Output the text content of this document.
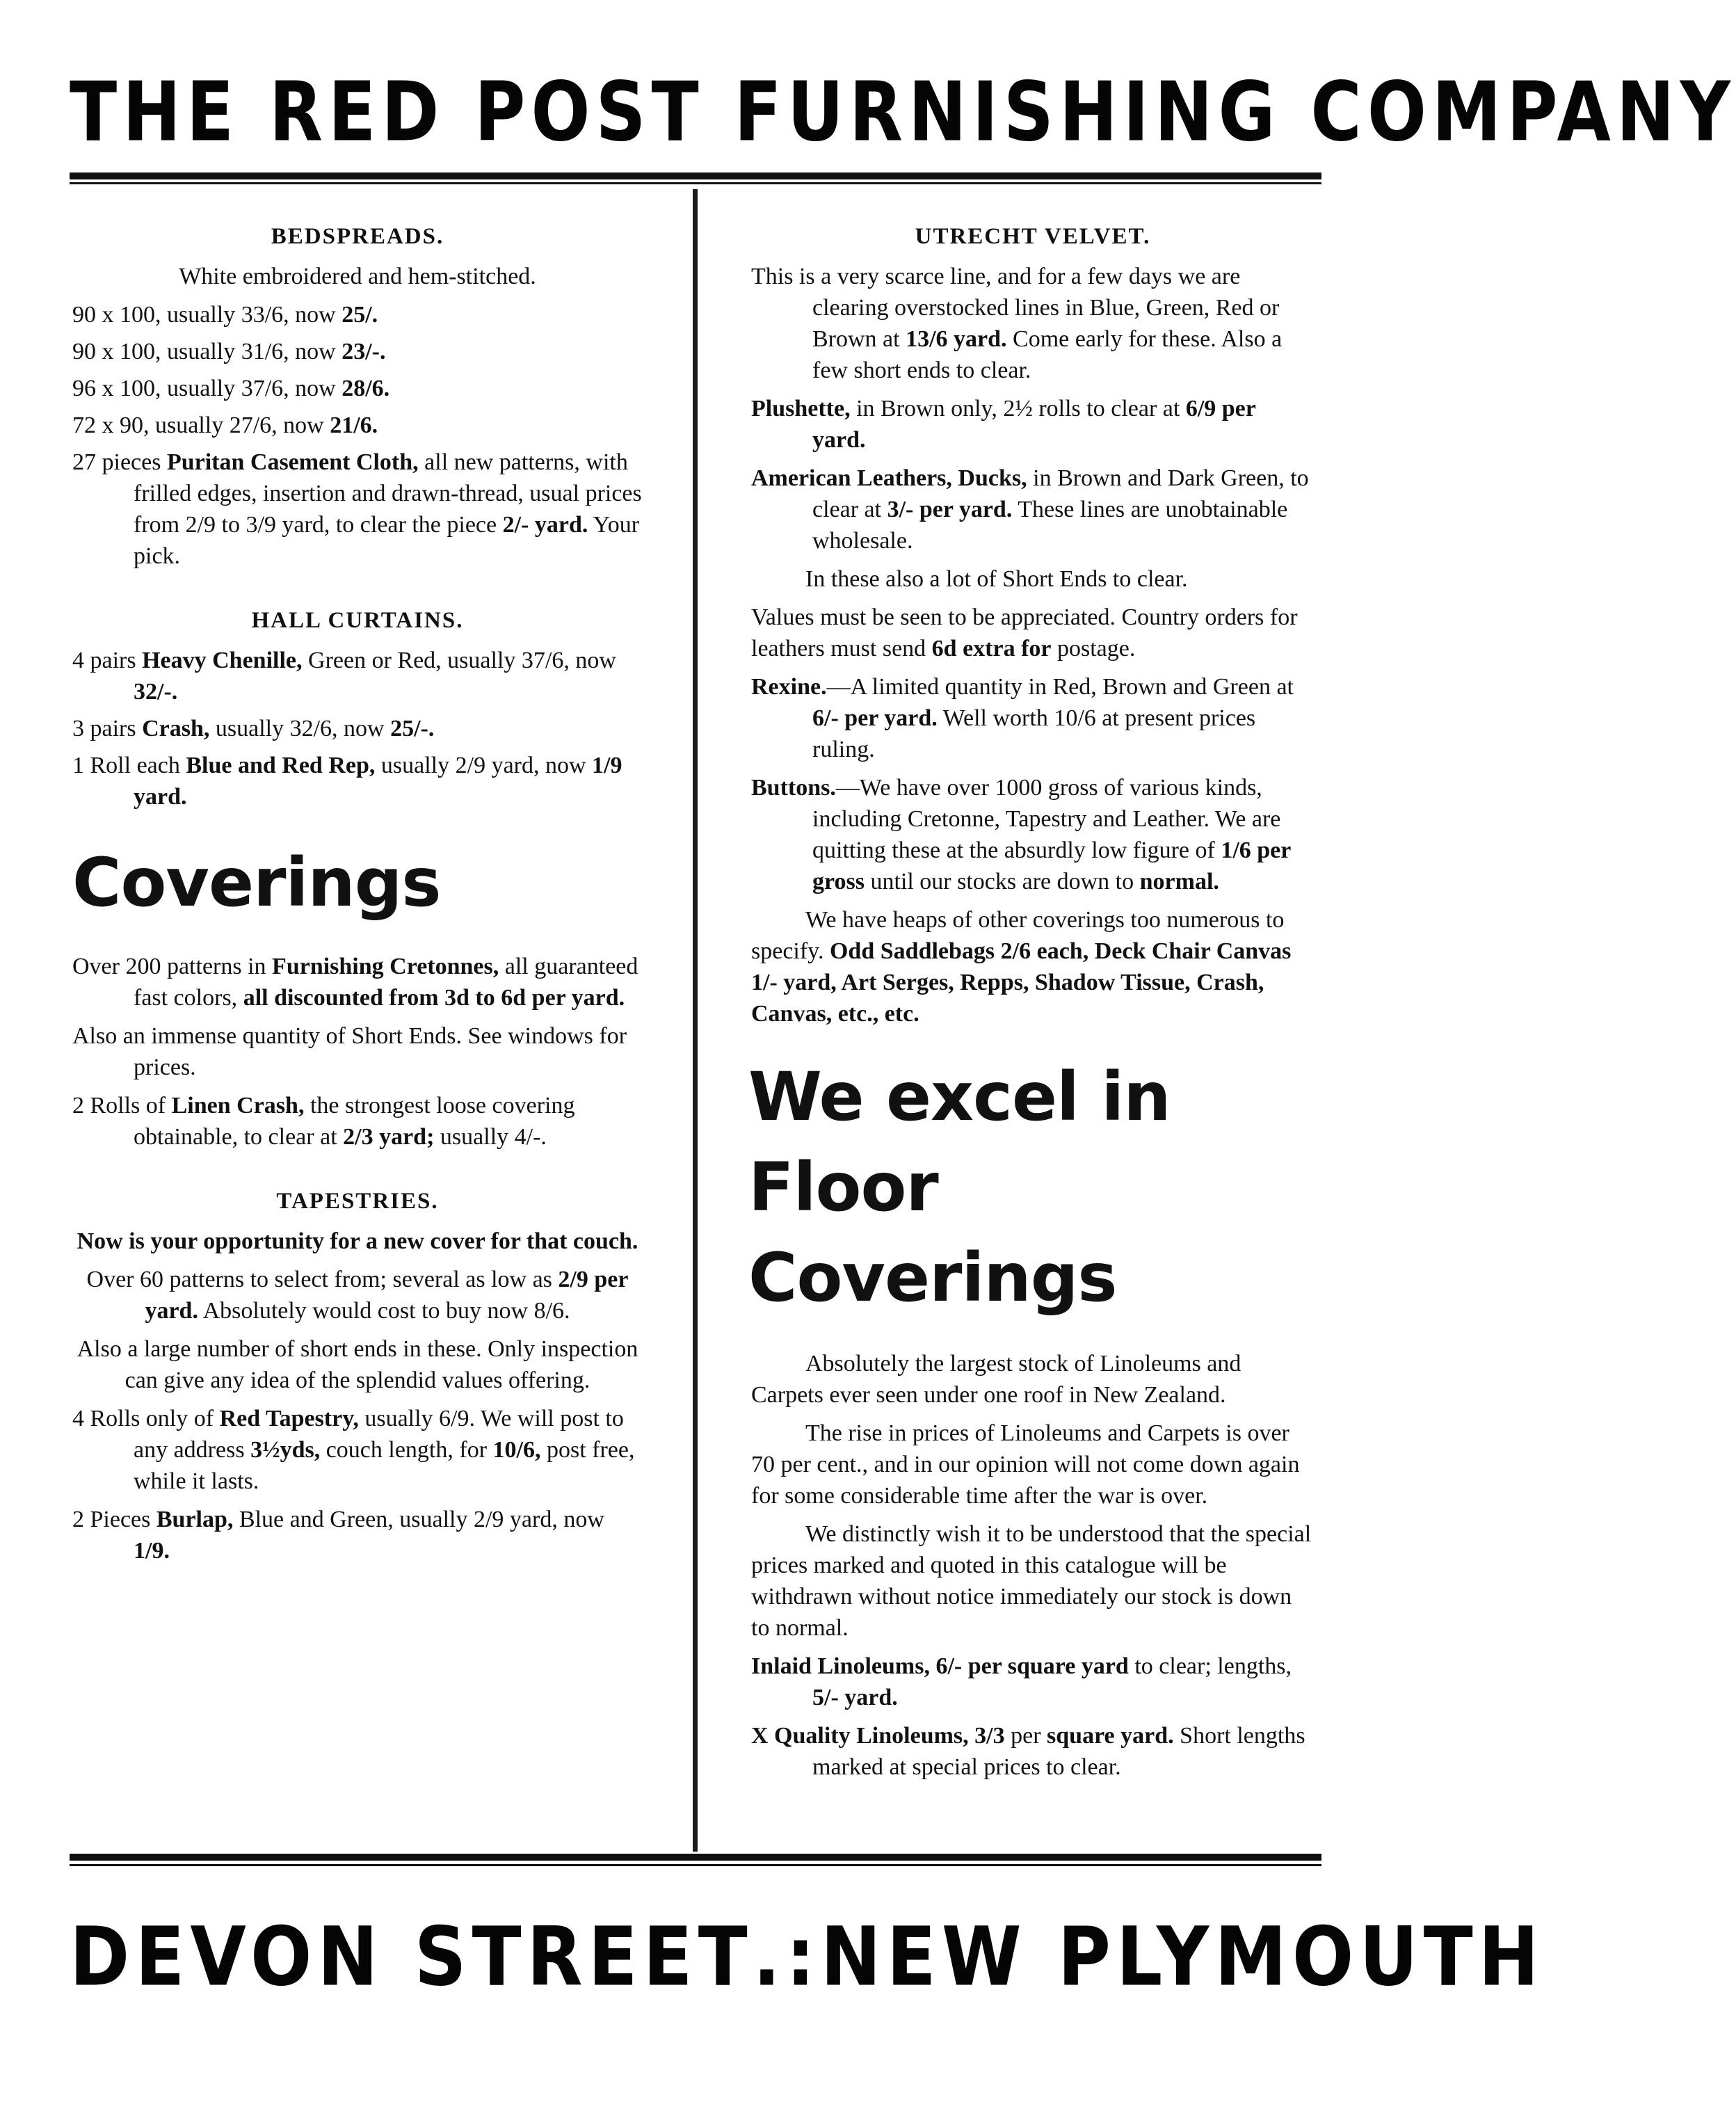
THE RED POST FURNISHING COMPANY
BEDSPREADS.

White embroidered and hem-stitched.

90 x 100, usually 33/6, now 25/.

90 x 100, usually 31/6, now 23/-.

96 x 100, usually 37/6, now 28/6.

72 x 90, usually 27/6, now 21/6.

27 pieces Puritan Casement Cloth, all new patterns, with frilled edges, insertion and drawn-thread, usual prices from 2/9 to 3/9 yard, to clear the piece 2/- yard. Your pick.

HALL CURTAINS.

4 pairs Heavy Chenille, Green or Red, usually 37/6, now 32/-.

3 pairs Crash, usually 32/6, now 25/-.

1 Roll each Blue and Red Rep, usually 2/9 yard, now 1/9 yard.

Coverings

Over 200 patterns in Furnishing Cretonnes, all guaranteed fast colors, all discounted from 3d to 6d per yard.

Also an immense quantity of Short Ends. See windows for prices.

2 Rolls of Linen Crash, the strongest loose covering obtainable, to clear at 2/3 yard; usually 4/-.

TAPESTRIES.

Now is your opportunity for a new cover for that couch.

Over 60 patterns to select from; several as low as 2/9 per yard. Absolutely would cost to buy now 8/6.

Also a large number of short ends in these. Only inspection can give any idea of the splendid values offering.

4 Rolls only of Red Tapestry, usually 6/9. We will post to any address 3½yds, couch length, for 10/6, post free, while it lasts.

2 Pieces Burlap, Blue and Green, usually 2/9 yard, now 1/9.

UTRECHT VELVET.

This is a very scarce line, and for a few days we are clearing overstocked lines in Blue, Green, Red or Brown at 13/6 yard. Come early for these. Also a few short ends to clear.

Plushette, in Brown only, 2½ rolls to clear at 6/9 per yard.

American Leathers, Ducks, in Brown and Dark Green, to clear at 3/- per yard. These lines are unobtainable wholesale.

In these also a lot of Short Ends to clear.

Values must be seen to be appreciated. Country orders for leathers must send 6d extra for postage.

Rexine.—A limited quantity in Red, Brown and Green at 6/- per yard. Well worth 10/6 at present prices ruling.

Buttons.—We have over 1000 gross of various kinds, including Cretonne, Tapestry and Leather. We are quitting these at the absurdly low figure of 1/6 per gross until our stocks are down to normal.

We have heaps of other coverings too numerous to specify. Odd Saddlebags 2/6 each, Deck Chair Canvas 1/- yard, Art Serges, Repps, Shadow Tissue, Crash, Canvas, etc., etc.

We excel in
Floor Coverings

Absolutely the largest stock of Linoleums and Carpets ever seen under one roof in New Zealand.

The rise in prices of Linoleums and Carpets is over 70 per cent., and in our opinion will not come down again for some considerable time after the war is over.

We distinctly wish it to be understood that the special prices marked and quoted in this catalogue will be withdrawn without notice immediately our stock is down to normal.

Inlaid Linoleums, 6/- per square yard to clear; lengths, 5/- yard.

X Quality Linoleums, 3/3 per square yard. Short lengths marked at special prices to clear.

DEVON STREET .: NEW PLYMOUTH
